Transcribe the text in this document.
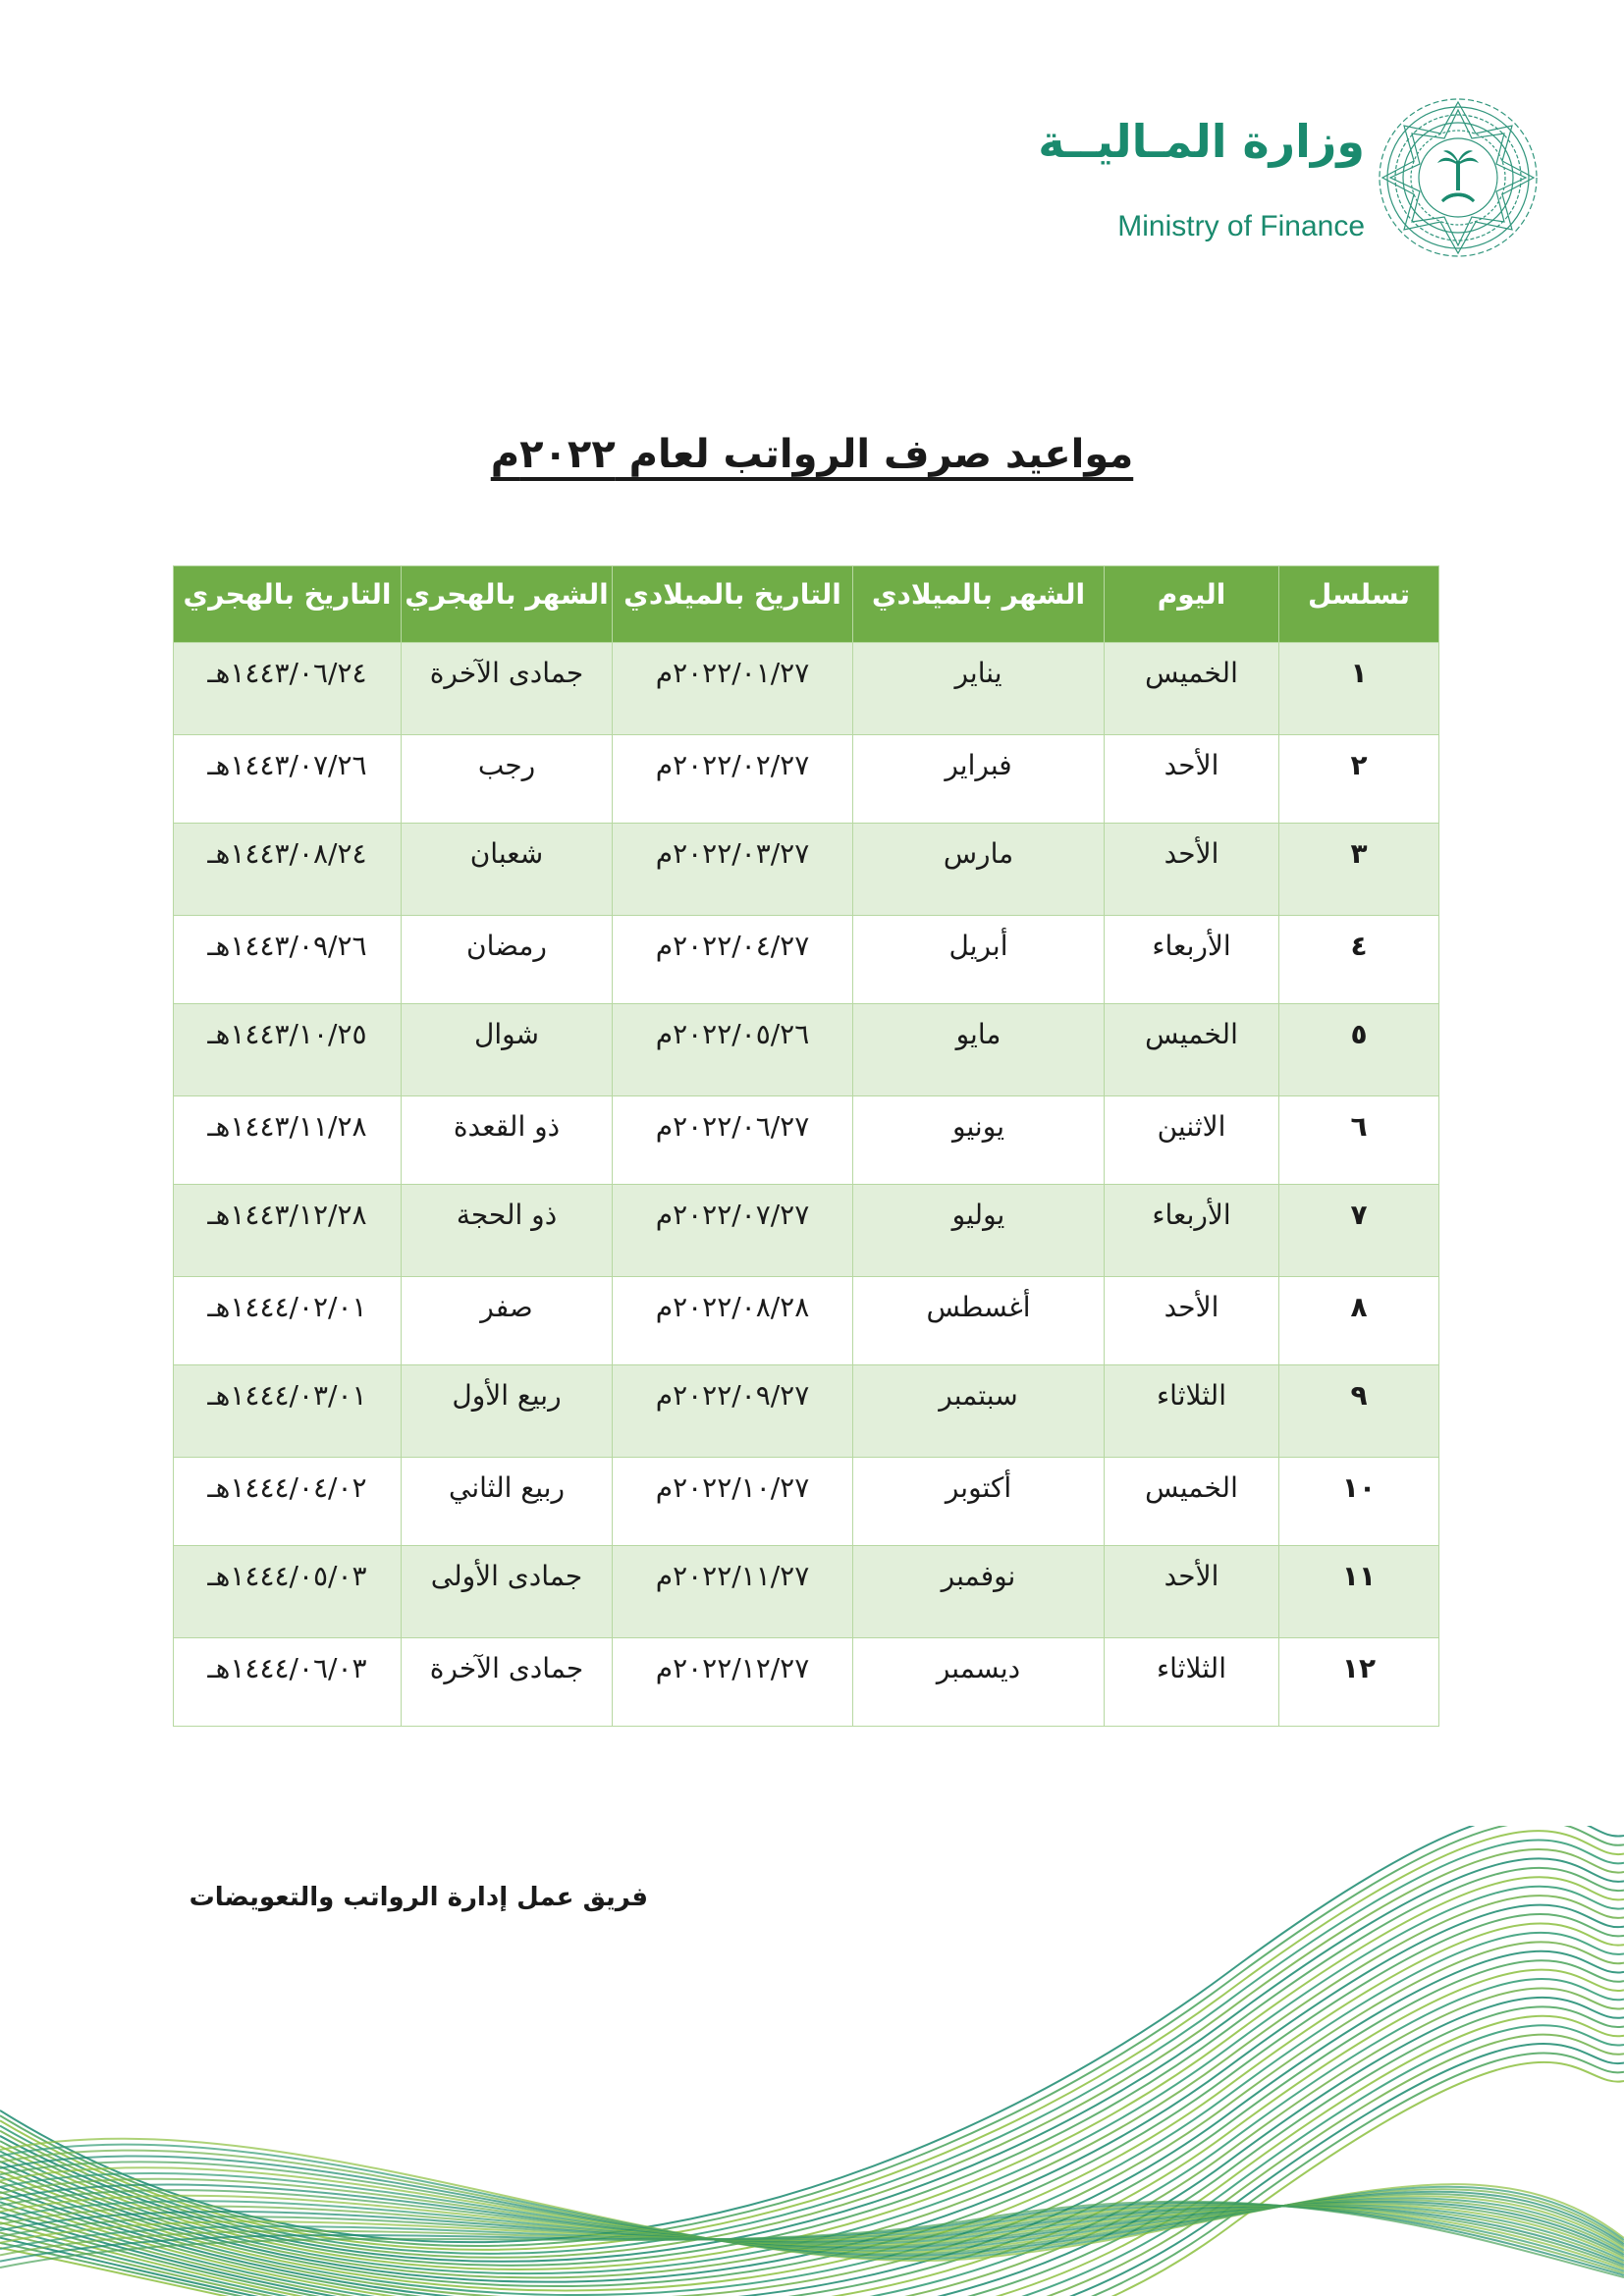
وزارة المـاليــة
Ministry of Finance
مواعيد صرف الرواتب لعام ٢٠٢٢م
تسلسل	اليوم	الشهر بالميلادي	التاريخ بالميلادي	الشهر بالهجري	التاريخ بالهجري
١	الخميس	يناير	٢٠٢٢/٠١/٢٧م	جمادى الآخرة	١٤٤٣/٠٦/٢٤هـ
٢	الأحد	فبراير	٢٠٢٢/٠٢/٢٧م	رجب	١٤٤٣/٠٧/٢٦هـ
٣	الأحد	مارس	٢٠٢٢/٠٣/٢٧م	شعبان	١٤٤٣/٠٨/٢٤هـ
٤	الأربعاء	أبريل	٢٠٢٢/٠٤/٢٧م	رمضان	١٤٤٣/٠٩/٢٦هـ
٥	الخميس	مايو	٢٠٢٢/٠٥/٢٦م	شوال	١٤٤٣/١٠/٢٥هـ
٦	الاثنين	يونيو	٢٠٢٢/٠٦/٢٧م	ذو القعدة	١٤٤٣/١١/٢٨هـ
٧	الأربعاء	يوليو	٢٠٢٢/٠٧/٢٧م	ذو الحجة	١٤٤٣/١٢/٢٨هـ
٨	الأحد	أغسطس	٢٠٢٢/٠٨/٢٨م	صفر	١٤٤٤/٠٢/٠١هـ
٩	الثلاثاء	سبتمبر	٢٠٢٢/٠٩/٢٧م	ربيع الأول	١٤٤٤/٠٣/٠١هـ
١٠	الخميس	أكتوبر	٢٠٢٢/١٠/٢٧م	ربيع الثاني	١٤٤٤/٠٤/٠٢هـ
١١	الأحد	نوفمبر	٢٠٢٢/١١/٢٧م	جمادى الأولى	١٤٤٤/٠٥/٠٣هـ
١٢	الثلاثاء	ديسمبر	٢٠٢٢/١٢/٢٧م	جمادى الآخرة	١٤٤٤/٠٦/٠٣هـ
فريق عمل إدارة الرواتب والتعويضات
